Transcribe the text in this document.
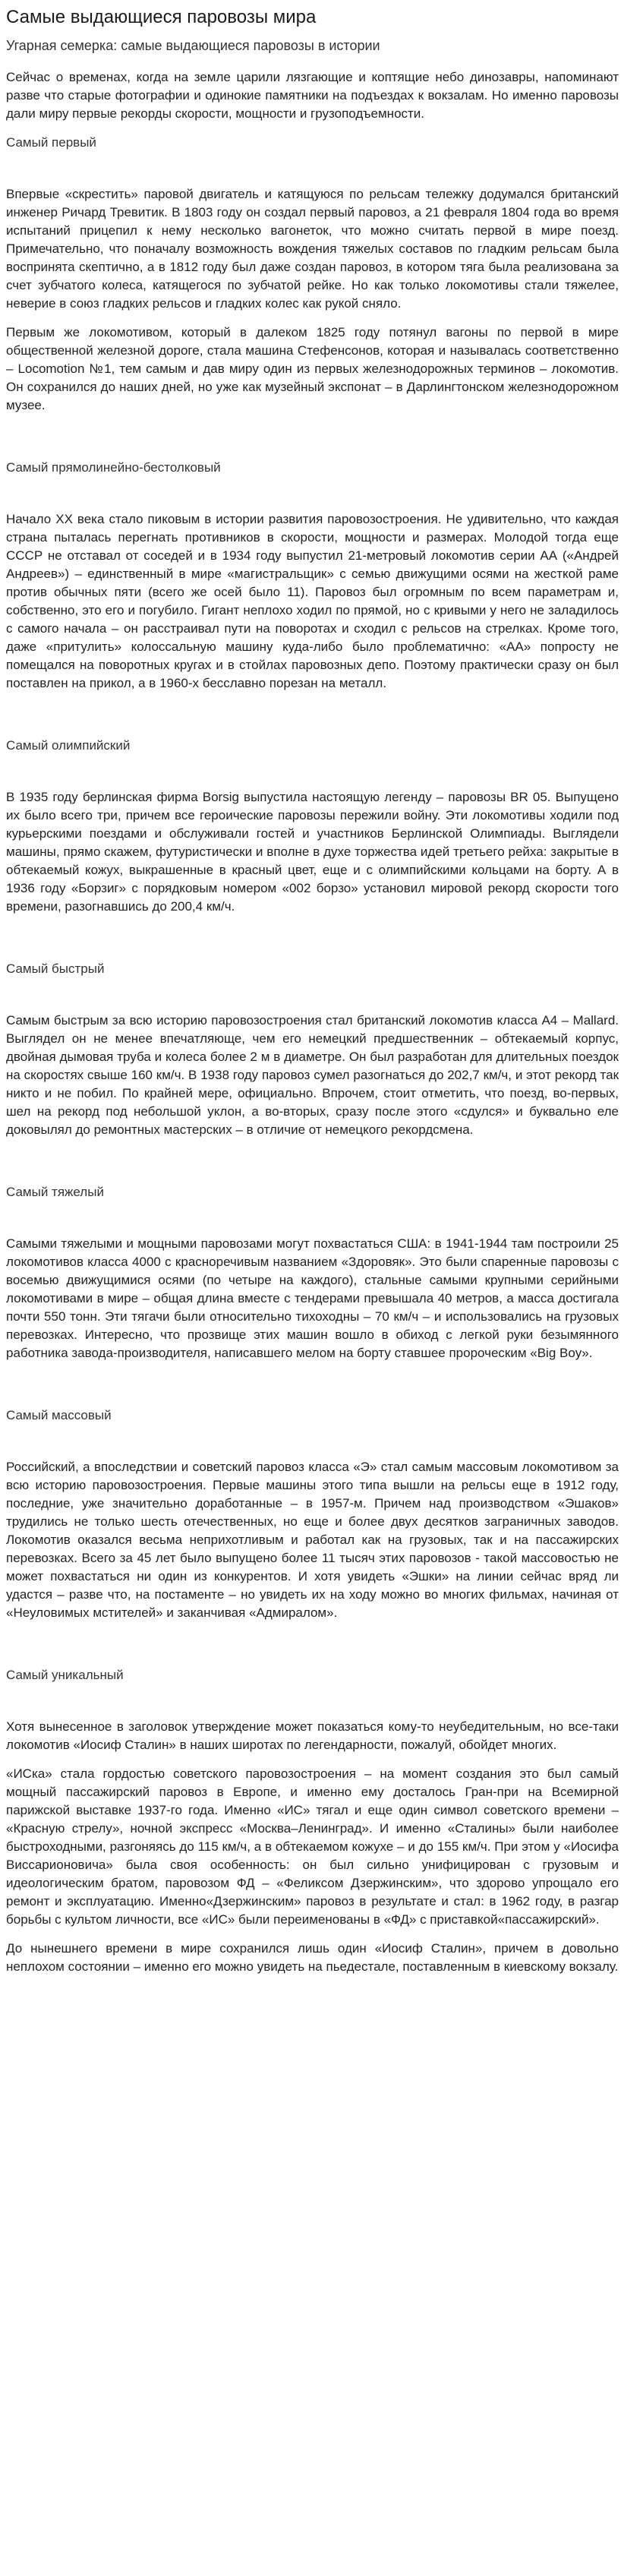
Самые выдающиеся паровозы мира
Угарная семерка: самые выдающиеся паровозы в истории

Сейчас о временах, когда на земле царили лязгающие и коптящие небо динозавры, напоминают разве что старые фотографии и одинокие памятники на подъездах к вокзалам. Но именно паровозы дали миру первые рекорды скорости, мощности и грузоподъемности.

Самый первый

Впервые «скрестить» паровой двигатель и катящуюся по рельсам тележку додумался британский инженер Ричард Тревитик. В 1803 году он создал первый паровоз, а 21 февраля 1804 года во время испытаний прицепил к нему несколько вагонеток, что можно считать первой в мире поезд. Примечательно, что поначалу возможность вождения тяжелых составов по гладким рельсам была воспринята скептично, а в 1812 году был даже создан паровоз, в котором тяга была реализована за счет зубчатого колеса, катящегося по зубчатой рейке. Но как только локомотивы стали тяжелее, неверие в союз гладких рельсов и гладких колес как рукой сняло.

Первым же локомотивом, который в далеком 1825 году потянул вагоны по первой в мире общественной железной дороге, стала машина Стефенсонов, которая и называлась соответственно – Locomotion №1, тем самым и дав миру один из первых железнодорожных терминов – локомотив. Он сохранился до наших дней, но уже как музейный экспонат – в Дарлингтонском железнодорожном музее.

Самый прямолинейно-бестолковый

Начало XX века стало пиковым в истории развития паровозостроения. Не удивительно, что каждая страна пыталась перегнать противников в скорости, мощности и размерах. Молодой тогда еще СССР не отставал от соседей и в 1934 году выпустил 21-метровый локомотив серии АА («Андрей Андреев») – единственный в мире «магистральщик» с семью движущими осями на жесткой раме против обычных пяти (всего же осей было 11). Паровоз был огромным по всем параметрам и, собственно, это его и погубило. Гигант неплохо ходил по прямой, но с кривыми у него не заладилось с самого начала – он расстраивал пути на поворотах и сходил с рельсов на стрелках. Кроме того, даже «притулить» колоссальную машину куда-либо было проблематично: «АА» попросту не помещался на поворотных кругах и в стойлах паровозных депо. Поэтому практически сразу он был поставлен на прикол, а в 1960-х бесславно порезан на металл.

Самый олимпийский

В 1935 году берлинская фирма Borsig выпустила настоящую легенду – паровозы BR 05. Выпущено их было всего три, причем все героические паровозы пережили войну. Эти локомотивы ходили под курьерскими поездами и обслуживали гостей и участников Берлинской Олимпиады. Выглядели машины, прямо скажем, футуристически и вполне в духе торжества идей третьего рейха: закрытые в обтекаемый кожух, выкрашенные в красный цвет, еще и с олимпийскими кольцами на борту. А в 1936 году «Борзиг» с порядковым номером «002 борзо» установил мировой рекорд скорости того времени, разогнавшись до 200,4 км/ч.

Самый быстрый

Самым быстрым за всю историю паровозостроения стал британский локомотив класса A4 – Mallard. Выглядел он не менее впечатляюще, чем его немецкий предшественник – обтекаемый корпус, двойная дымовая труба и колеса более 2 м в диаметре. Он был разработан для длительных поездок на скоростях свыше 160 км/ч. В 1938 году паровоз сумел разогнаться до 202,7 км/ч, и этот рекорд так никто и не побил. По крайней мере, официально. Впрочем, стоит отметить, что поезд, во-первых, шел на рекорд под небольшой уклон, а во-вторых, сразу после этого «сдулся» и буквально еле доковылял до ремонтных мастерских – в отличие от немецкого рекордсмена.

Самый тяжелый

Самыми тяжелыми и мощными паровозами могут похвастаться США: в 1941-1944 там построили 25 локомотивов класса 4000 с красноречивым названием «Здоровяк». Это были спаренные паровозы с восемью движущимися осями (по четыре на каждого), стальные самыми крупными серийными локомотивами в мире – общая длина вместе с тендерами превышала 40 метров, а масса достигала почти 550 тонн. Эти тягачи были относительно тихоходны – 70 км/ч – и использовались на грузовых перевозках. Интересно, что прозвище этих машин вошло в обиход с легкой руки безымянного работника завода-производителя, написавшего мелом на борту ставшее пророческим «Big Boy».

Самый массовый

Российский, а впоследствии и советский паровоз класса «Э» стал самым массовым локомотивом за всю историю паровозостроения. Первые машины этого типа вышли на рельсы еще в 1912 году, последние, уже значительно доработанные – в 1957-м. Причем над производством «Эшаков» трудились не только шесть отечественных, но еще и более двух десятков заграничных заводов. Локомотив оказался весьма неприхотливым и работал как на грузовых, так и на пассажирских перевозках. Всего за 45 лет было выпущено более 11 тысяч этих паровозов - такой массовостью не может похвастаться ни один из конкурентов. И хотя увидеть «Эшки» на линии сейчас вряд ли удастся – разве что, на постаменте – но увидеть их на ходу можно во многих фильмах, начиная от «Неуловимых мстителей» и заканчивая «Адмиралом».

Самый уникальный

Хотя вынесенное в заголовок утверждение может показаться кому-то неубедительным, но все-таки локомотив «Иосиф Сталин» в наших широтах по легендарности, пожалуй, обойдет многих.

«ИСка» стала гордостью советского паровозостроения – на момент создания это был самый мощный пассажирский паровоз в Европе, и именно ему досталось Гран-при на Всемирной парижской выставке 1937-го года. Именно «ИС» тягал и еще один символ советского времени – «Красную стрелу», ночной экспресс «Москва–Ленинград». И именно «Сталины» были наиболее быстроходными, разгоняясь до 115 км/ч, а в обтекаемом кожухе – и до 155 км/ч. При этом у «Иосифа Виссарионовича» была своя особенность: он был сильно унифицирован с грузовым и идеологическим братом, паровозом ФД – «Феликсом Дзержинским», что здорово упрощало его ремонт и эксплуатацию. Именно«Дзержинским» паровоз в результате и стал: в 1962 году, в разгар борьбы с культом личности, все «ИС» были переименованы в «ФД» с приставкой«пассажирский».

До нынешнего времени в мире сохранился лишь один «Иосиф Сталин», причем в довольно неплохом состоянии – именно его можно увидеть на пьедестале, поставленным в киевскому вокзалу.
